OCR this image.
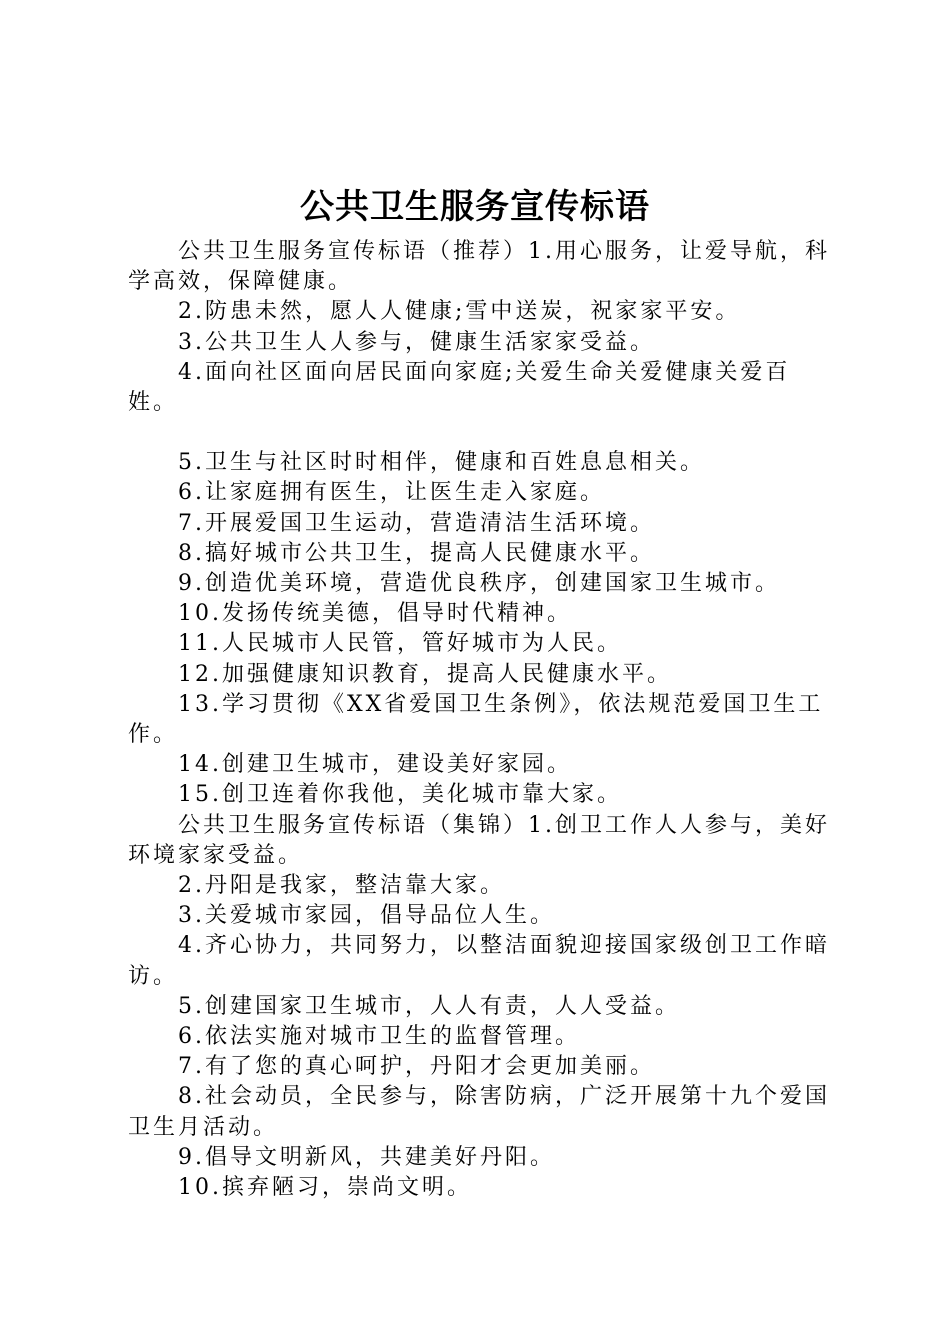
公共卫生服务宣传标语

公共卫生服务宣传标语（推荐）1.用心服务，让爱导航，科学高效，保障健康。

2.防患未然，愿人人健康;雪中送炭，祝家家平安。

3.公共卫生人人参与，健康生活家家受益。

4.面向社区面向居民面向家庭;关爱生命关爱健康关爱百姓。

5.卫生与社区时时相伴，健康和百姓息息相关。

6.让家庭拥有医生，让医生走入家庭。

7.开展爱国卫生运动，营造清洁生活环境。

8.搞好城市公共卫生，提高人民健康水平。

9.创造优美环境，营造优良秩序，创建国家卫生城市。

10.发扬传统美德，倡导时代精神。

11.人民城市人民管，管好城市为人民。

12.加强健康知识教育，提高人民健康水平。

13.学习贯彻《XX省爱国卫生条例》，依法规范爱国卫生工作。

14.创建卫生城市，建设美好家园。

15.创卫连着你我他，美化城市靠大家。

公共卫生服务宣传标语（集锦）1.创卫工作人人参与，美好环境家家受益。

2.丹阳是我家，整洁靠大家。

3.关爱城市家园，倡导品位人生。

4.齐心协力，共同努力，以整洁面貌迎接国家级创卫工作暗访。

5.创建国家卫生城市，人人有责，人人受益。

6.依法实施对城市卫生的监督管理。

7.有了您的真心呵护，丹阳才会更加美丽。

8.社会动员，全民参与，除害防病，广泛开展第十九个爱国卫生月活动。

9.倡导文明新风，共建美好丹阳。

10.摈弃陋习，崇尚文明。
